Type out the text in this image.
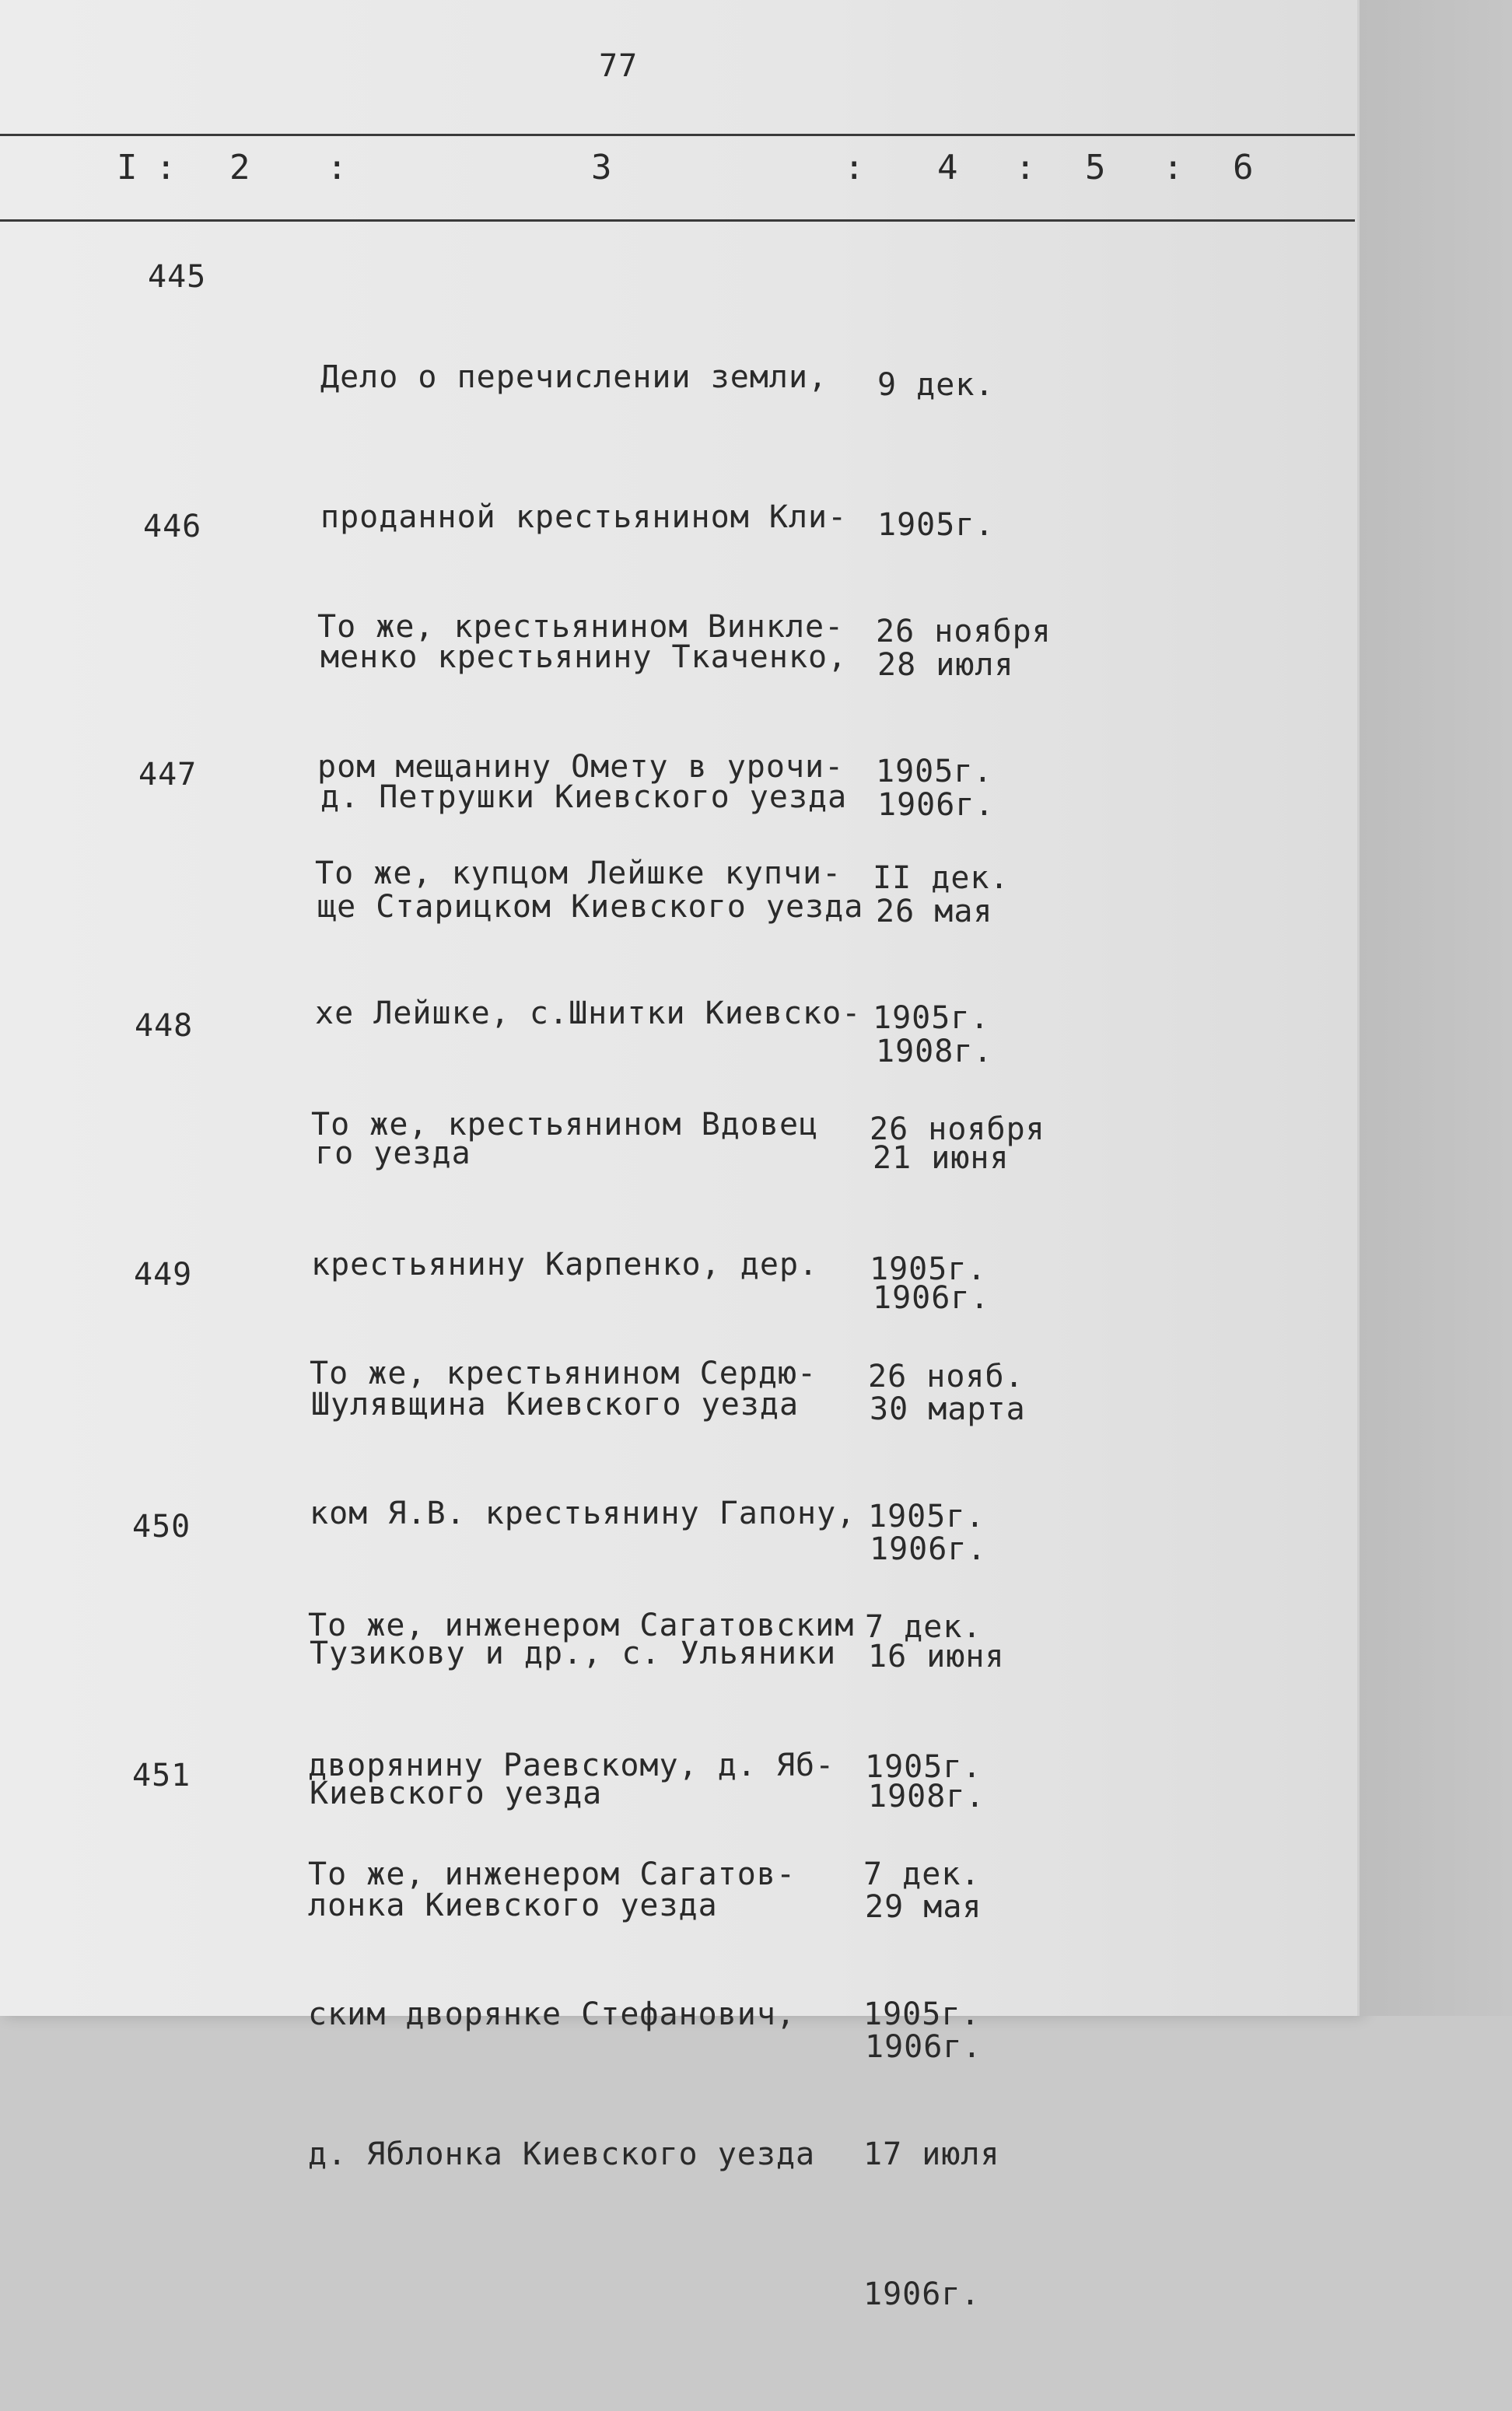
77
I : 2 :	3	: 4 : 5 : 6
445

Дело о перечислении земли,

проданной крестьянином Кли-

менко крестьянину Ткаченко,

д. Петрушки Киевского уезда

9 дек.

1905г.

28 июля

1906г.

446

То же, крестьянином Винкле-

ром мещанину Омету в урочи-

ще Старицком Киевского уезда

26 ноября

1905г.

26 мая

1908г.

447

То же, купцом Лейшке купчи-

хе Лейшке, с.Шнитки Киевско-

го уезда

II дек.

1905г.

21 июня

1906г.

448

То же, крестьянином Вдовец

крестьянину Карпенко, дер.

Шулявщина Киевского уезда

26 ноября

1905г.

30 марта

1906г.

449

То же, крестьянином Сердю-

ком Я.В. крестьянину Гапону,

Тузикову и др., с. Ульяники

Киевского уезда

26 нояб.

1905г.

16 июня

1908г.

450

То же, инженером Сагатовским

дворянину Раевскому, д. Яб-

лонка Киевского уезда

7 дек.

1905г.

29 мая

1906г.

451

То же, инженером Сагатов-

ским дворянке Стефанович,

д. Яблонка Киевского уезда

7 дек.

1905г.

17 июля

1906г.
